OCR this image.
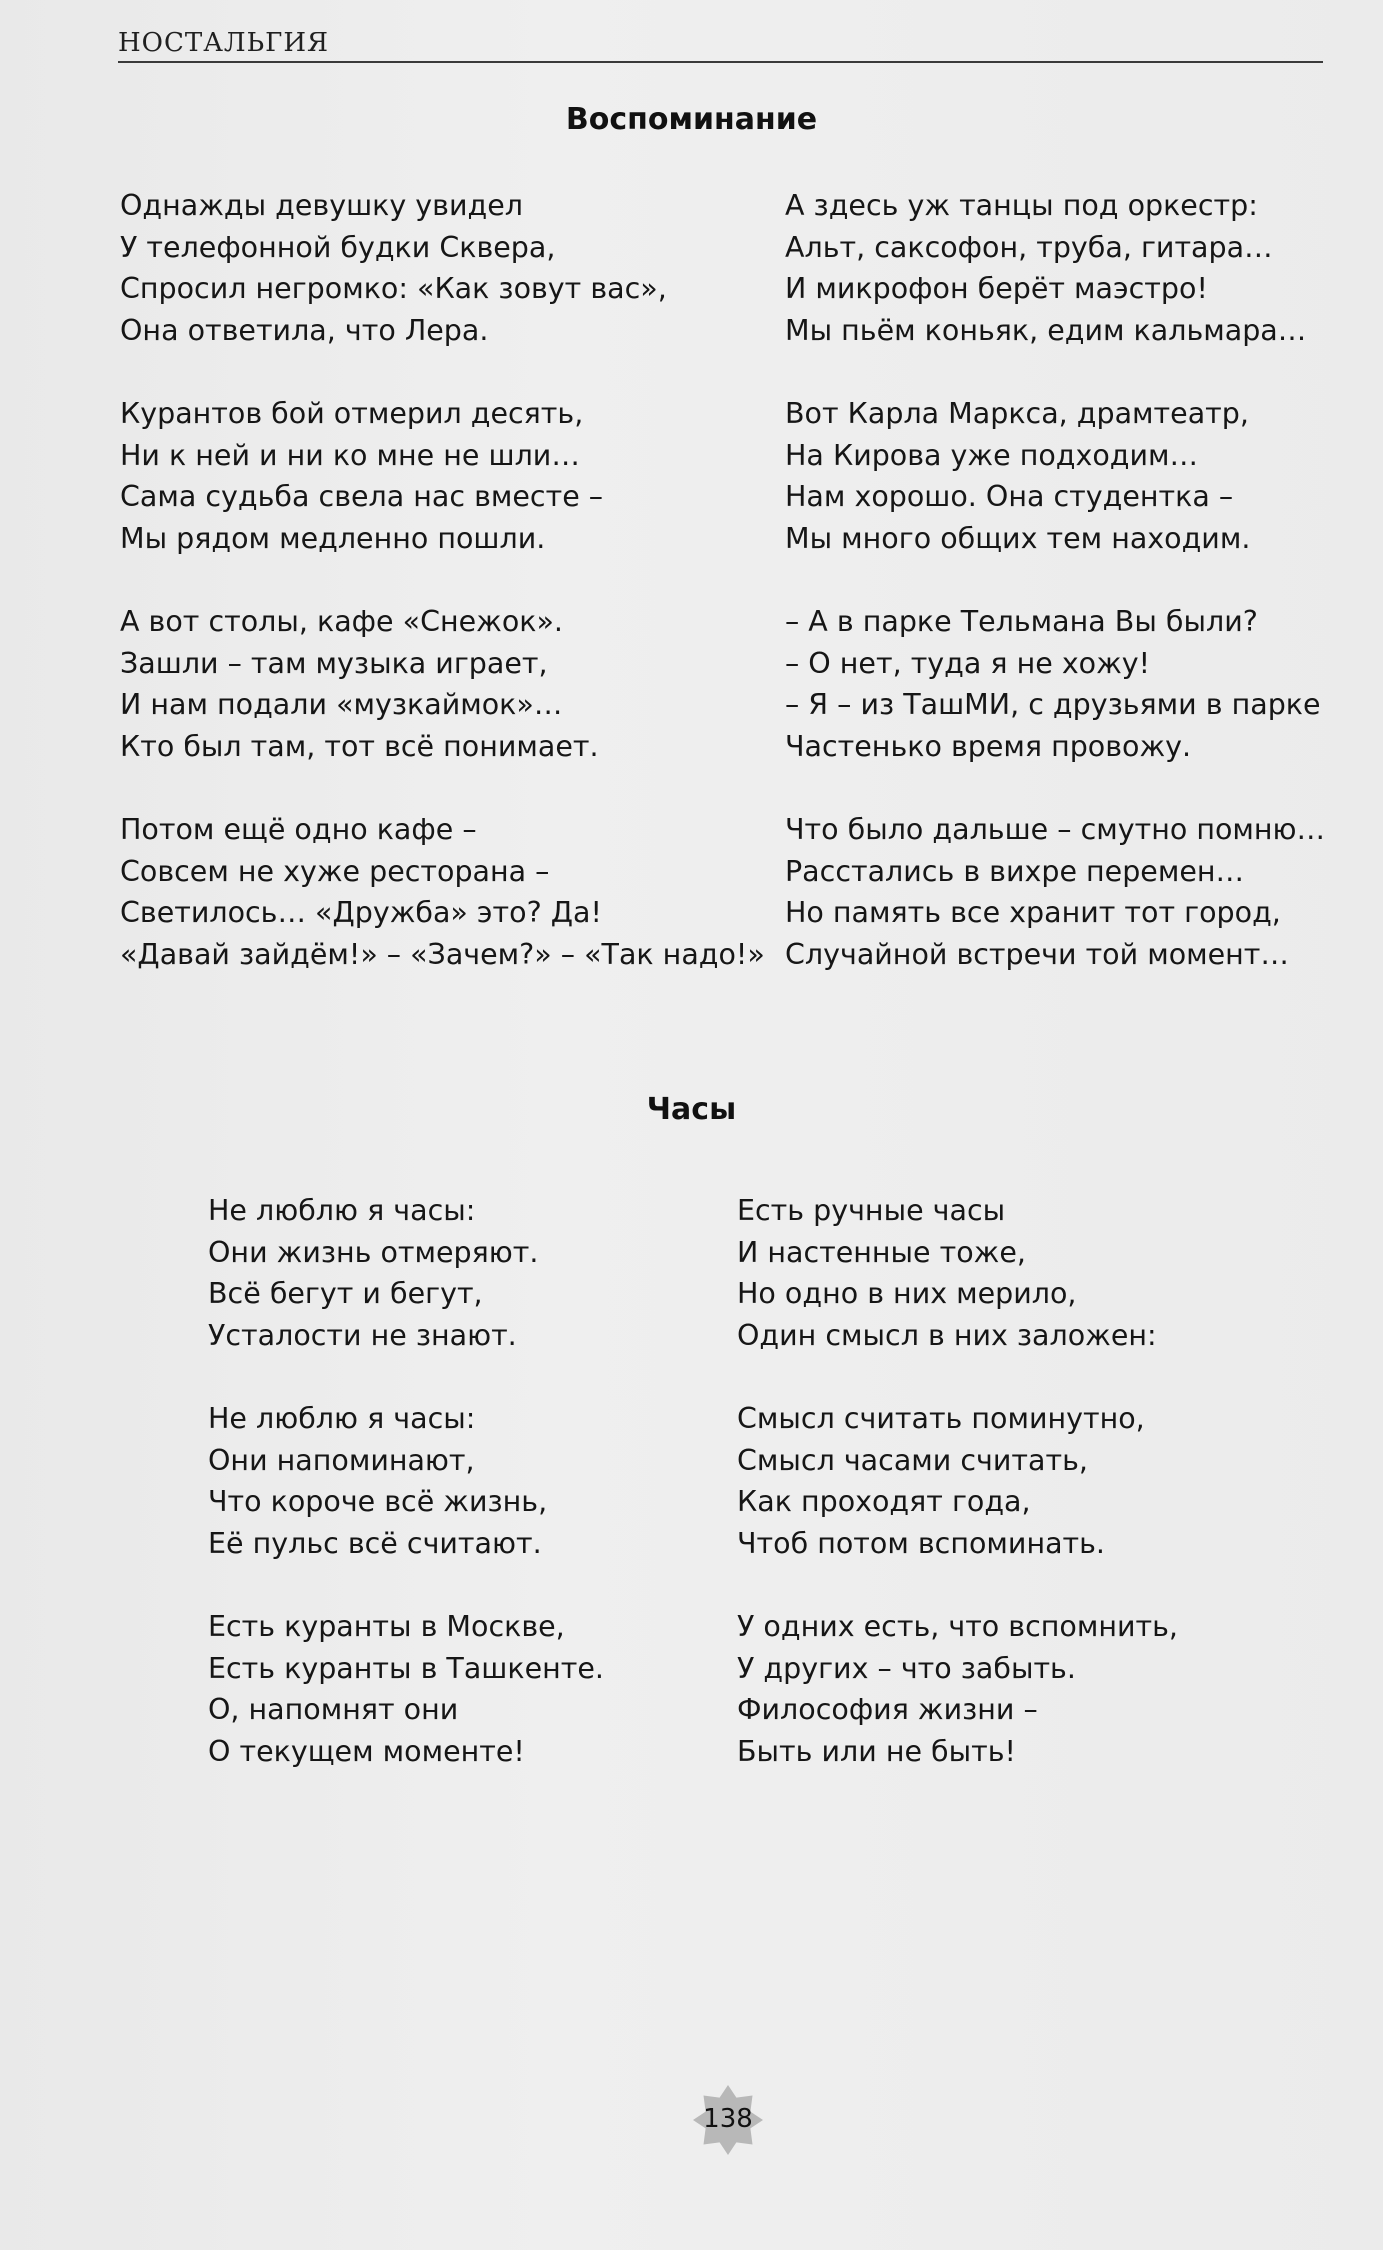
НОСТАЛЬГИЯ
Воспоминание
Однажды девушку увидел
У телефонной будки Сквера,
Спросил негромко: «Как зовут вас»,
Она ответила, что Лера.
Курантов бой отмерил десять,
Ни к ней и ни ко мне не шли…
Сама судьба свела нас вместе –
Мы рядом медленно пошли.
А вот столы, кафе «Снежок».
Зашли – там музыка играет,
И нам подали «музкаймок»…
Кто был там, тот всё понимает.
Потом ещё одно кафе –
Совсем не хуже ресторана –
Светилось… «Дружба» это? Да!
«Давай зайдём!» – «Зачем?» – «Так надо!»
А здесь уж танцы под оркестр:
Альт, саксофон, труба, гитара…
И микрофон берёт маэстро!
Мы пьём коньяк, едим кальмара…
Вот Карла Маркса, драмтеатр,
На Кирова уже подходим…
Нам хорошо. Она студентка –
Мы много общих тем находим.
– А в парке Тельмана Вы были?
– О нет, туда я не хожу!
– Я – из ТашМИ, с друзьями в парке
Частенько время провожу.
Что было дальше – смутно помню…
Расстались в вихре перемен…
Но память все хранит тот город,
Случайной встречи той момент…
Часы
Не люблю я часы:
Они жизнь отмеряют.
Всё бегут и бегут,
Усталости не знают.
Не люблю я часы:
Они напоминают,
Что короче всё жизнь,
Её пульс всё считают.
Есть куранты в Москве,
Есть куранты в Ташкенте.
О, напомнят они
О текущем моменте!
Есть ручные часы
И настенные тоже,
Но одно в них мерило,
Один смысл в них заложен:
Смысл считать поминутно,
Смысл часами считать,
Как проходят года,
Чтоб потом вспоминать.
У одних есть, что вспомнить,
У других – что забыть.
Философия жизни –
Быть или не быть!
138
